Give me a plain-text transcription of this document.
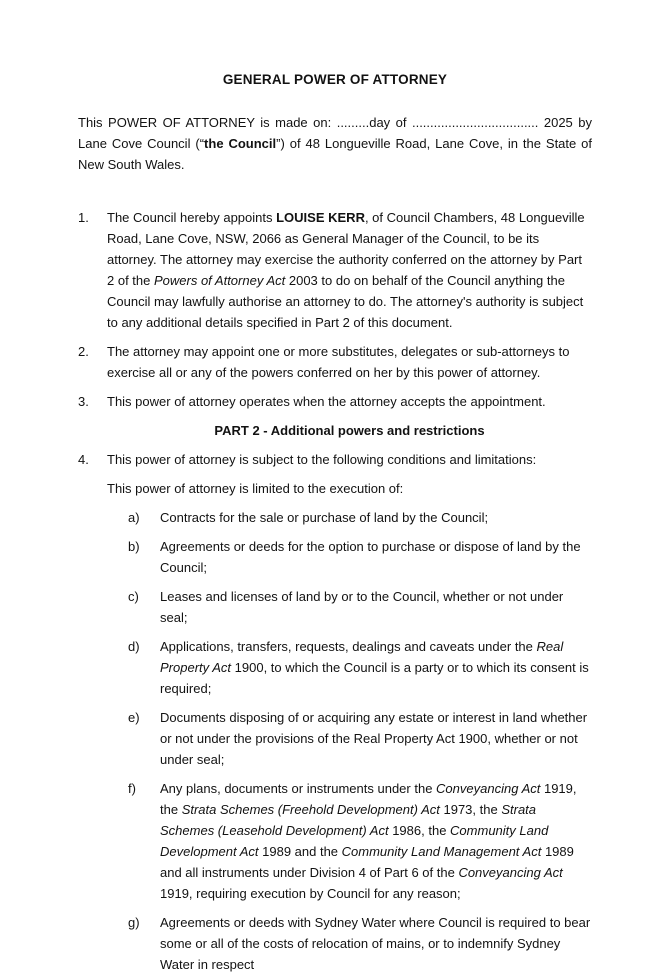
GENERAL POWER OF ATTORNEY

This POWER OF ATTORNEY is made on: .........day of ................................... 2025 by Lane Cove Council (“the Council”) of 48 Longueville Road, Lane Cove, in the State of New South Wales.

1.	The Council hereby appoints LOUISE KERR, of Council Chambers, 48 Longueville Road, Lane Cove, NSW, 2066 as General Manager of the Council, to be its attorney. The attorney may exercise the authority conferred on the attorney by Part 2 of the Powers of Attorney Act 2003 to do on behalf of the Council anything the Council may lawfully authorise an attorney to do. The attorney's authority is subject to any additional details specified in Part 2 of this document.
2.	The attorney may appoint one or more substitutes, delegates or sub-attorneys to exercise all or any of the powers conferred on her by this power of attorney.
3.	This power of attorney operates when the attorney accepts the appointment.
PART 2 - Additional powers and restrictions
4.	This power of attorney is subject to the following conditions and limitations:

This power of attorney is limited to the execution of:

a)	Contracts for the sale or purchase of land by the Council;
b)	Agreements or deeds for the option to purchase or dispose of land by the Council;
c)	Leases and licenses of land by or to the Council, whether or not under seal;
d)	Applications, transfers, requests, dealings and caveats under the Real Property Act 1900, to which the Council is a party or to which its consent is required;
e)	Documents disposing of or acquiring any estate or interest in land whether or not under the provisions of the Real Property Act 1900, whether or not under seal;
f)	Any plans, documents or instruments under the Conveyancing Act 1919, the Strata Schemes (Freehold Development) Act 1973, the Strata Schemes (Leasehold Development) Act 1986, the Community Land Development Act 1989 and the Community Land Management Act 1989 and all instruments under Division 4 of Part 6 of the Conveyancing Act 1919, requiring execution by Council for any reason;
g)	Agreements or deeds with Sydney Water where Council is required to bear some or all of the costs of relocation of mains, or to indemnify Sydney Water in respect
